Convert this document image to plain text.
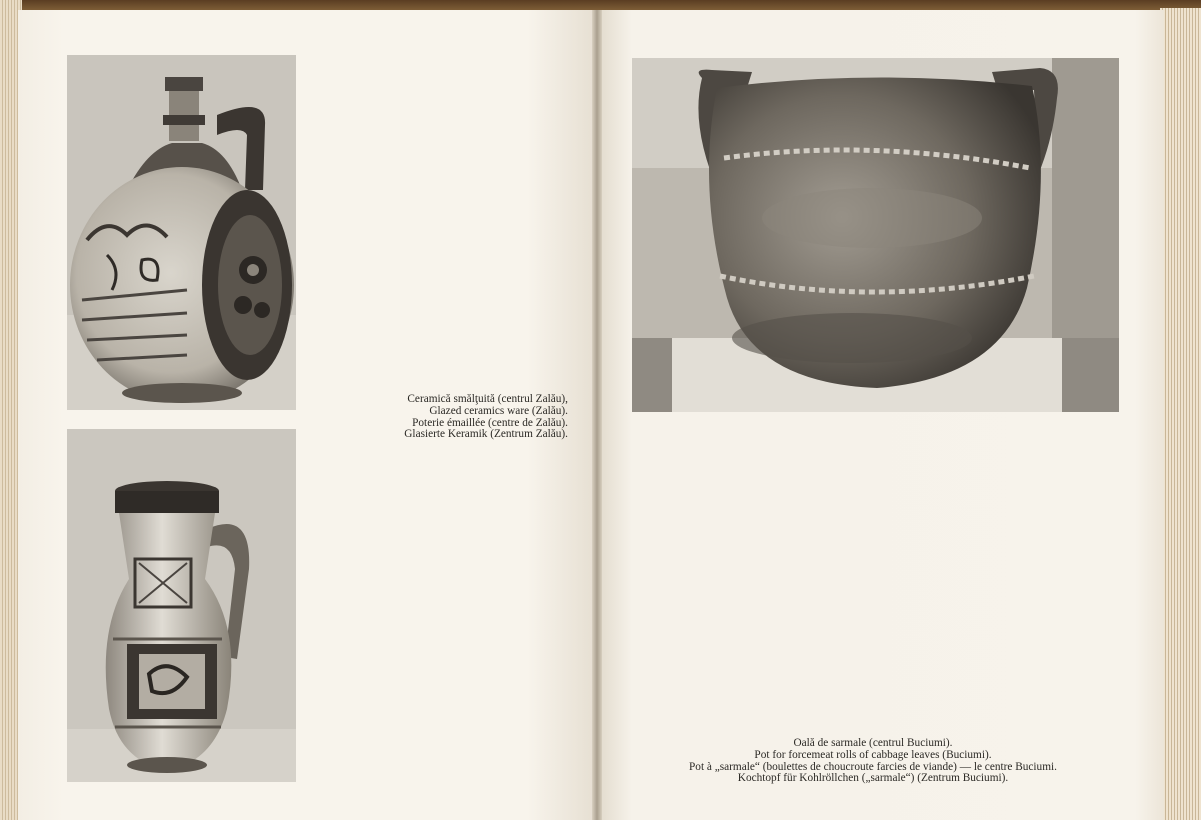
Ceramică smălţuită (centrul Zalău),
Glazed ceramics ware (Zalău).
Poterie émaillée (centre de Zalău).
Glasierte Keramik (Zentrum Zalău).
Oală de sarmale (centrul Buciumi).
Pot for forcemeat rolls of cabbage leaves (Buciumi).
Pot à „sarmale“ (boulettes de choucroute farcies de viande) — le centre Buciumi.
Kochtopf für Kohlröllchen („sarmale“) (Zentrum Buciumi).
